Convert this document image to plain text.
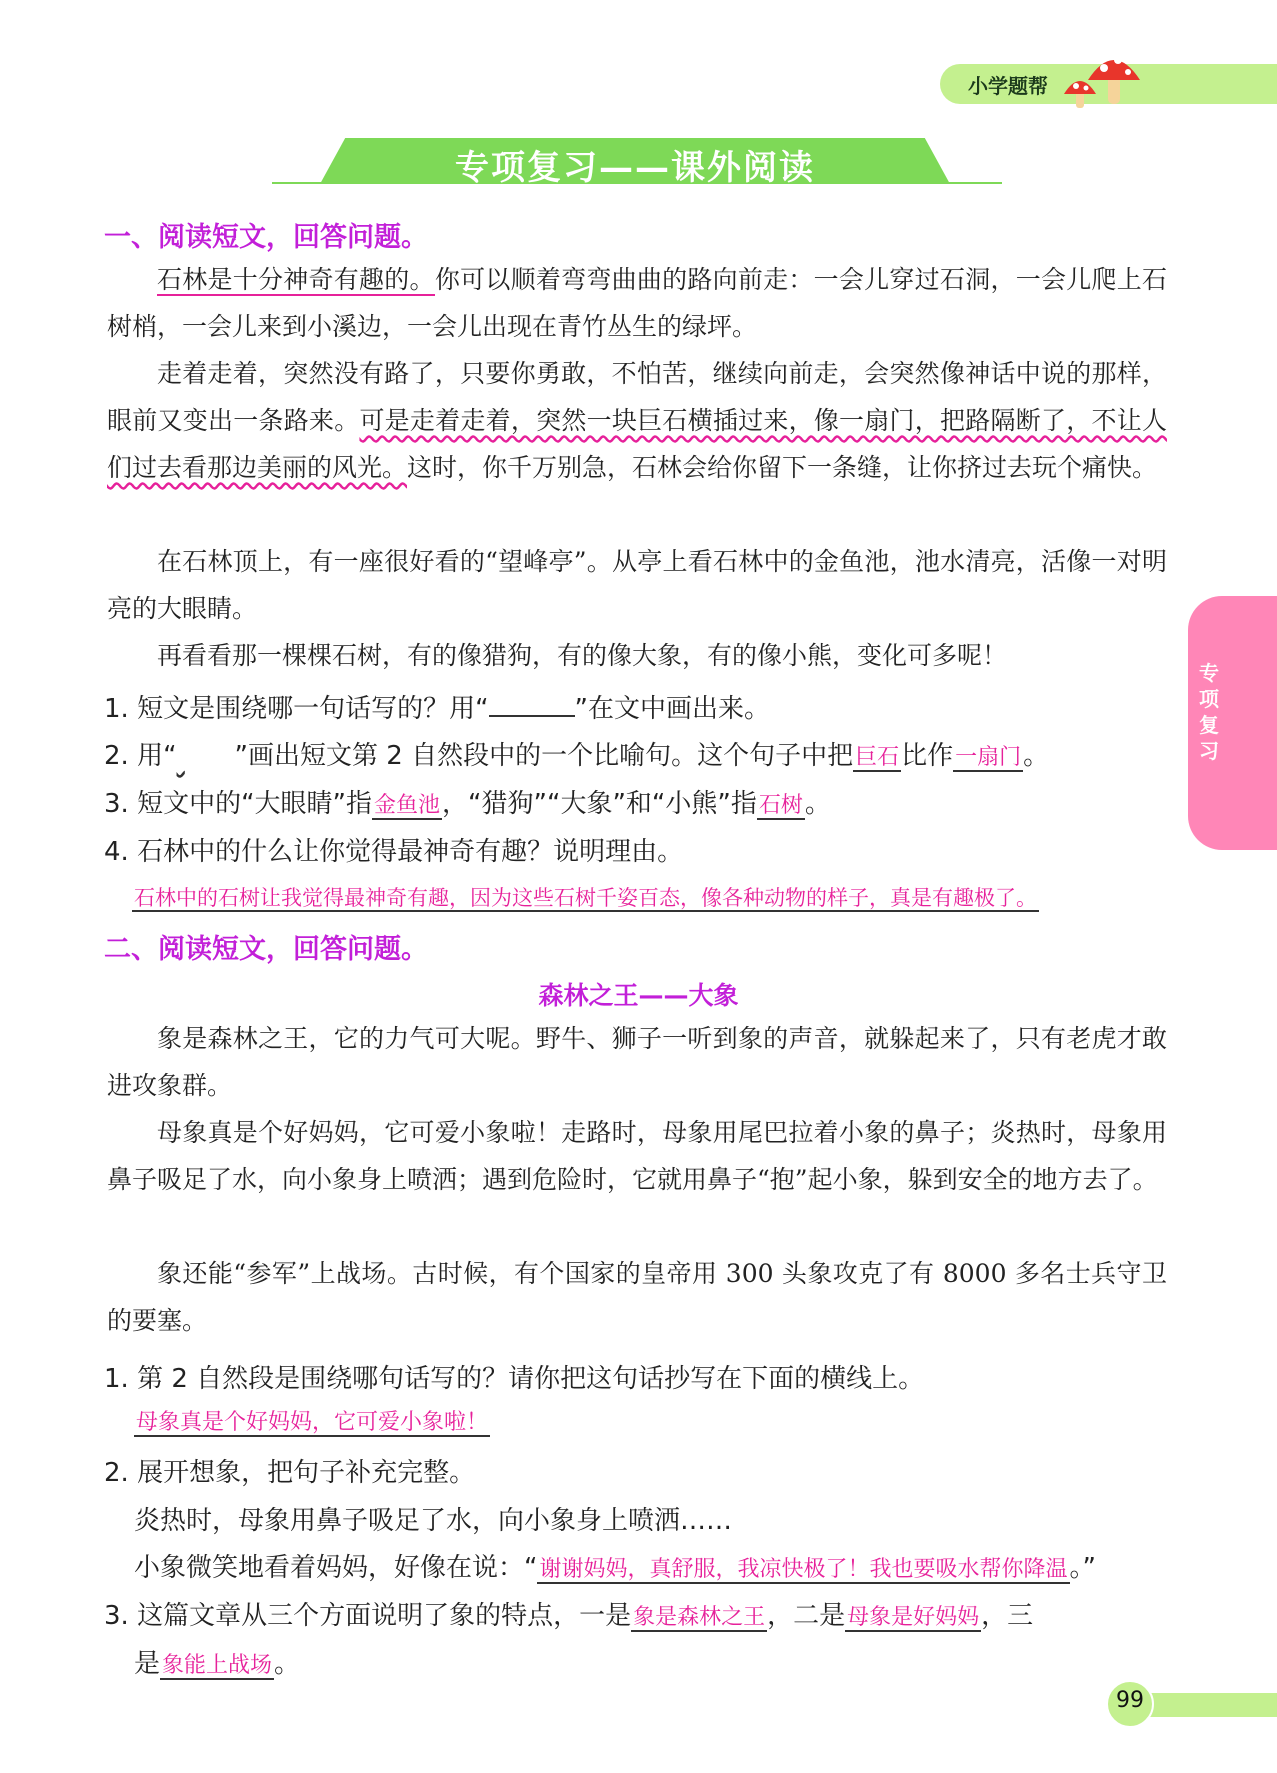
小学题帮
专项复习——课外阅读
一、阅读短文，回答问题。

石林是十分神奇有趣的。你可以顺着弯弯曲曲的路向前走：一会儿穿过石洞，一会儿爬上石树梢，一会儿来到小溪边，一会儿出现在青竹丛生的绿坪。

走着走着，突然没有路了，只要你勇敢，不怕苦，继续向前走，会突然像神话中说的那样，眼前又变出一条路来。可是走着走着，突然一块巨石横插过来，像一扇门，把路隔断了，不让人们过去看那边美丽的风光。这时，你千万别急，石林会给你留下一条缝，让你挤过去玩个痛快。

在石林顶上，有一座很好看的“望峰亭”。从亭上看石林中的金鱼池，池水清亮，活像一对明亮的大眼睛。

再看看那一棵棵石树，有的像猎狗，有的像大象，有的像小熊，变化可多呢！

1. 短文是围绕哪一句话写的？用“	”在文中画出来。
2. 用“ ”画出短文第 2 自然段中的一个比喻句。这个句子中把巨石比作一扇门。
3. 短文中的“大眼睛”指金鱼池，“猎狗”“大象”和“小熊”指石树。
4. 石林中的什么让你觉得最神奇有趣？说明理由。
石林中的石树让我觉得最神奇有趣，因为这些石树千姿百态，像各种动物的样子，真是有趣极了。
二、阅读短文，回答问题。
森林之王——大象

象是森林之王，它的力气可大呢。野牛、狮子一听到象的声音，就躲起来了，只有老虎才敢进攻象群。

母象真是个好妈妈，它可爱小象啦！走路时，母象用尾巴拉着小象的鼻子；炎热时，母象用鼻子吸足了水，向小象身上喷洒；遇到危险时，它就用鼻子“抱”起小象，躲到安全的地方去了。

象还能“参军”上战场。古时候，有个国家的皇帝用 300 头象攻克了有 8000 多名士兵守卫的要塞。

1. 第 2 自然段是围绕哪句话写的？请你把这句话抄写在下面的横线上。
母象真是个好妈妈，它可爱小象啦！
2. 展开想象，把句子补充完整。
炎热时，母象用鼻子吸足了水，向小象身上喷洒……
小象微笑地看着妈妈，好像在说：“谢谢妈妈，真舒服，我凉快极了！我也要吸水帮你降温。”
3. 这篇文章从三个方面说明了象的特点，一是象是森林之王，二是母象是好妈妈，三
是象能上战场。
专
项
复
习
99
